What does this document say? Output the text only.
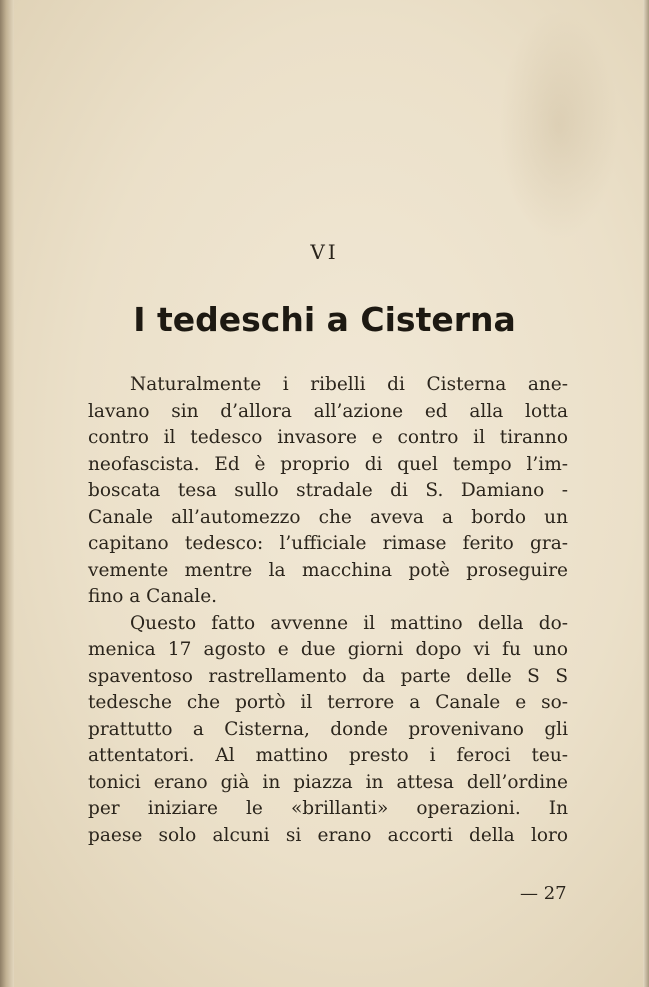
VI
I tedeschi a Cisterna
Naturalmente i ribelli di Cisterna ane-
lavano sin d’allora all’azione ed alla lotta
contro il tedesco invasore e contro il tiranno
neofascista. Ed è proprio di quel tempo l’im-
boscata tesa sullo stradale di S. Damiano -
Canale all’automezzo che aveva a bordo un
capitano tedesco: l’ufficiale rimase ferito gra-
vemente mentre la macchina potè proseguire
fino a Canale.
Questo fatto avvenne il mattino della do-
menica 17 agosto e due giorni dopo vi fu uno
spaventoso rastrellamento da parte delle S S
tedesche che portò il terrore a Canale e so-
prattutto a Cisterna, donde provenivano gli
attentatori. Al mattino presto i feroci teu-
tonici erano già in piazza in attesa dell’ordine
per iniziare le «brillanti» operazioni. In
paese solo alcuni si erano accorti della loro
— 27
